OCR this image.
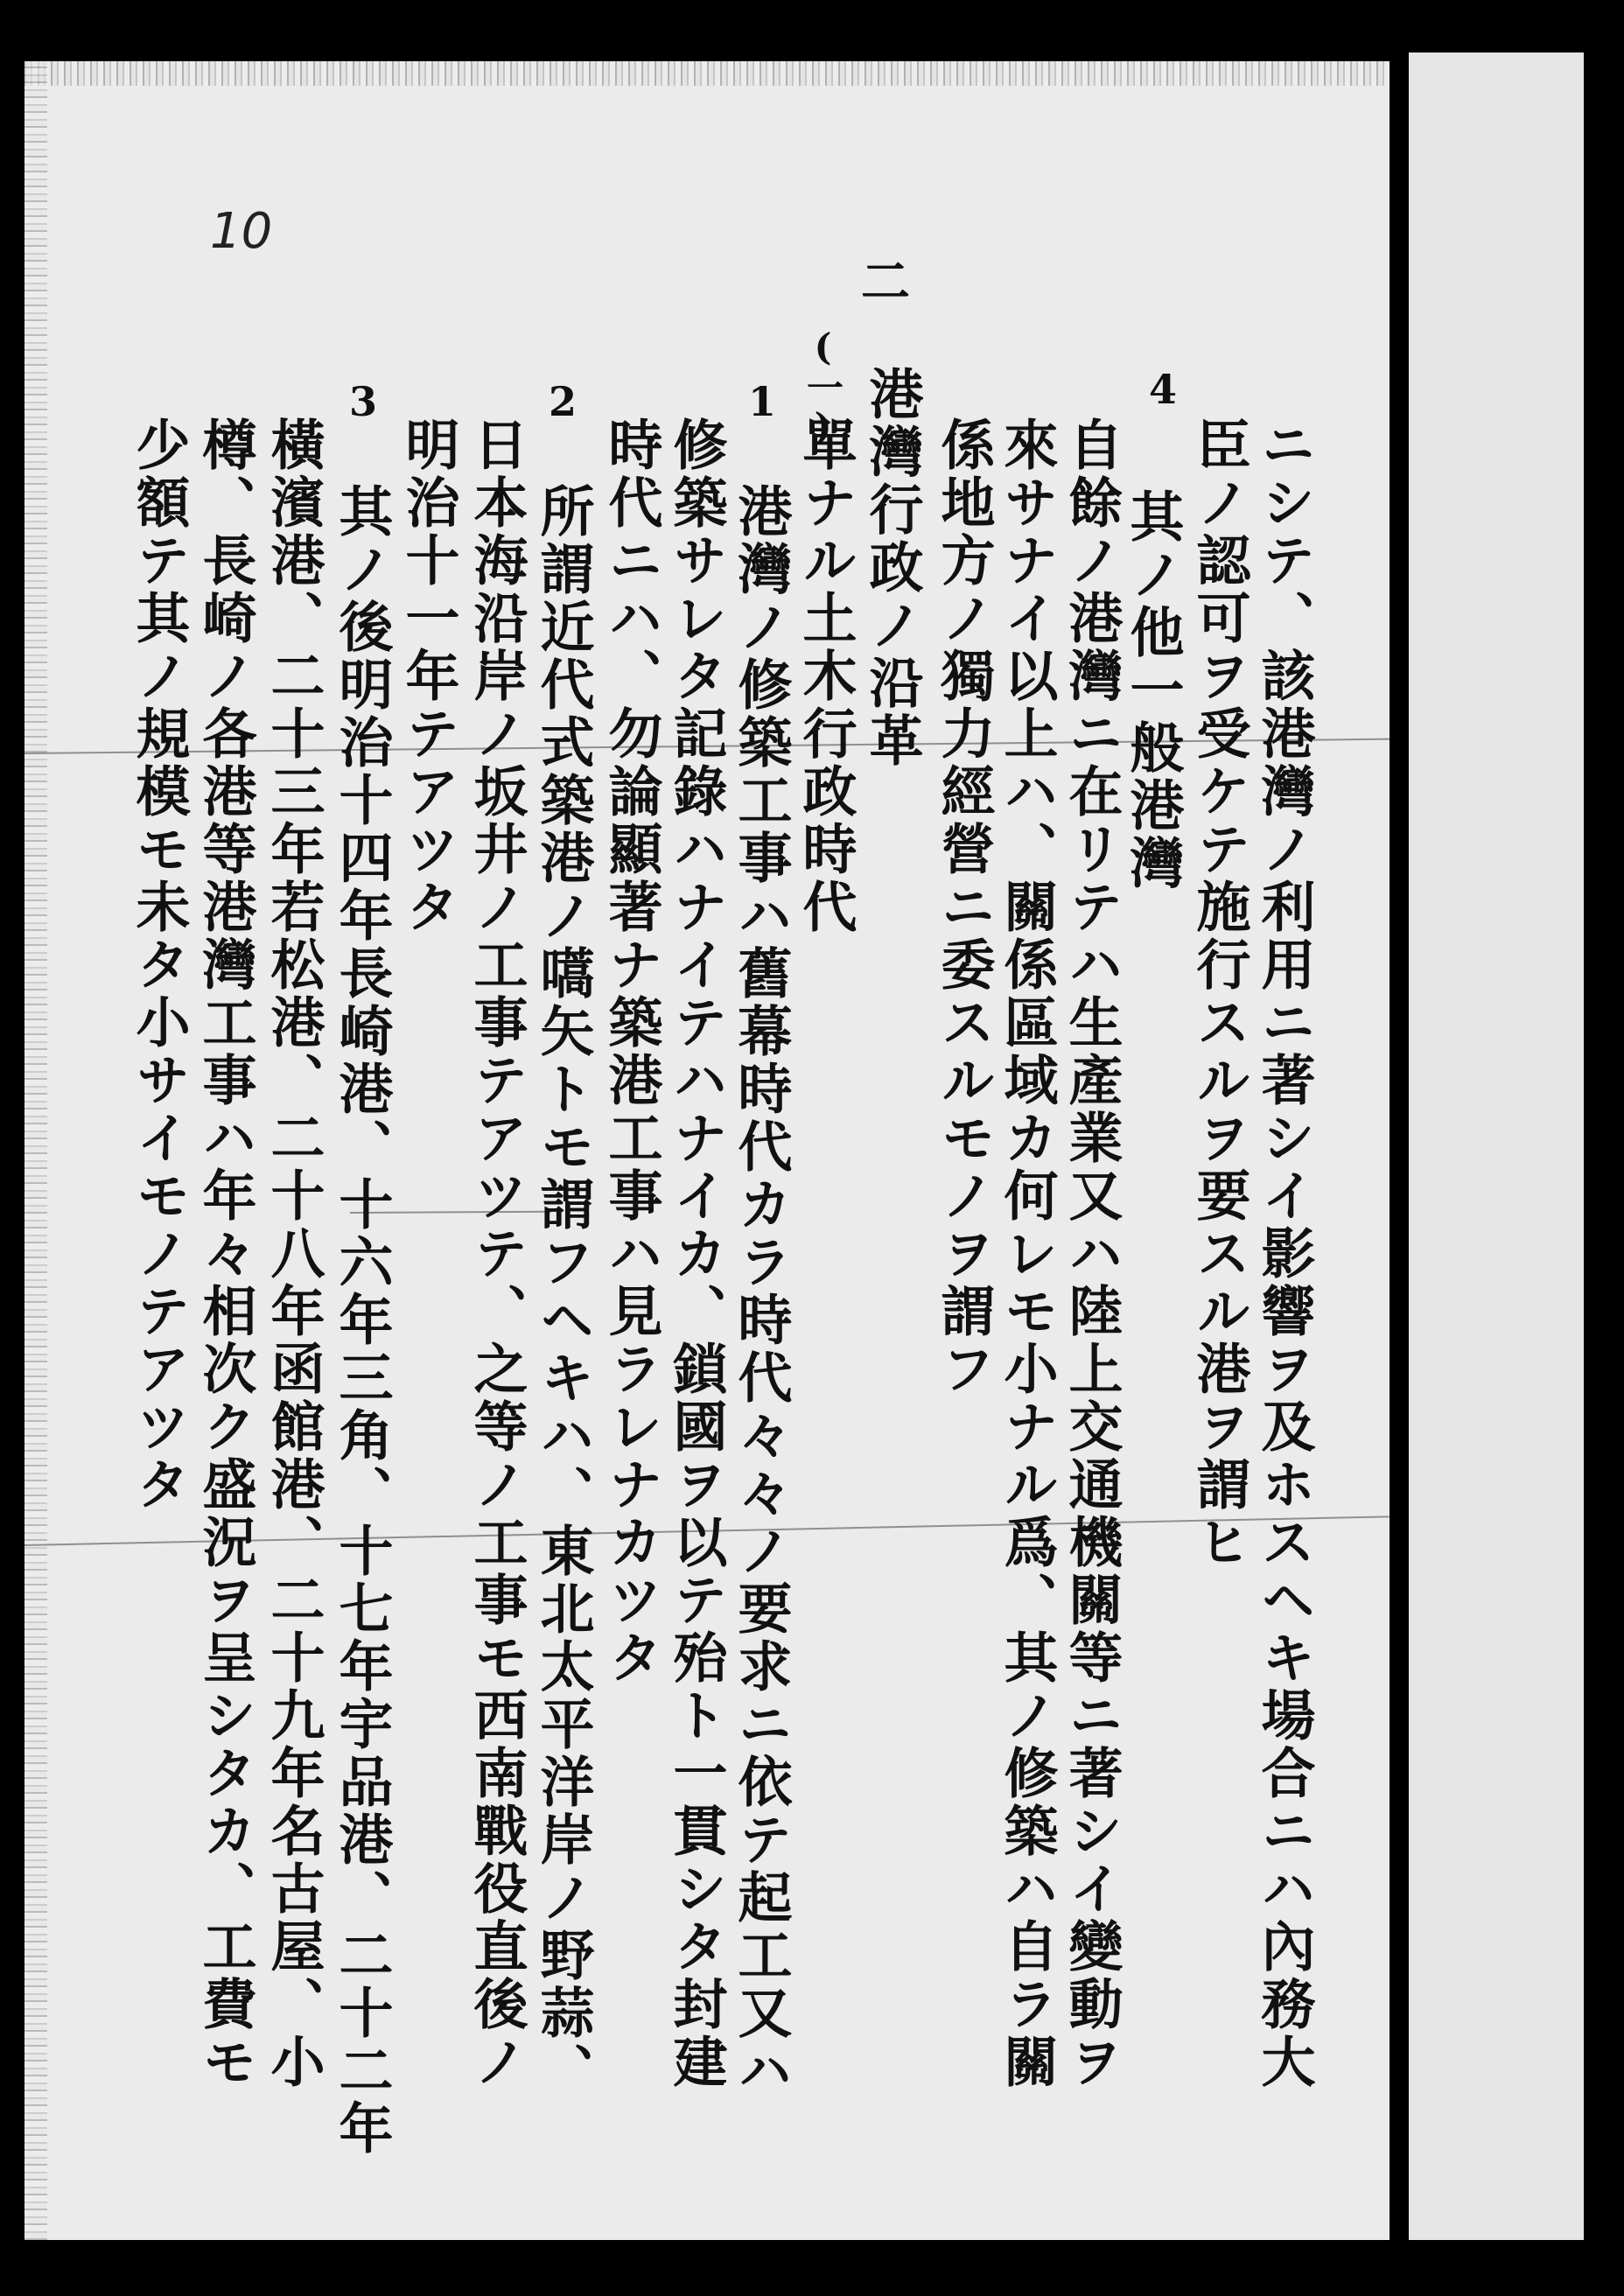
10
二
(一)	4
1
2
3
ニシテ、該港灣ノ利用ニ著シイ影響ヲ及ホスヘキ場合ニハ內務大
臣ノ認可ヲ受ケテ施行スルヲ要スル港ヲ謂ヒ
其ノ他一般港灣
自餘ノ港灣ニ在リテハ生產業又ハ陸上交通機關等ニ著シイ變動ヲ
來サナイ以上ハ、關係區域カ何レモ小ナル爲、其ノ修築ハ自ラ關
係地方ノ獨力經營ニ委スルモノヲ謂フ
港灣行政ノ沿革
單ナル土木行政時代
港灣ノ修築工事ハ舊幕時代カラ時代々々ノ要求ニ依テ起工又ハ
修築サレタ記錄ハナイテハナイカ、鎖國ヲ以テ殆ト一貫シタ封建
時代ニハ、勿論顯著ナ築港工事ハ見ラレナカツタ
所謂近代式築港ノ嚆矢トモ謂フヘキハ、東北太平洋岸ノ野蒜、
日本海沿岸ノ坂井ノ工事テアツテ、之等ノ工事モ西南戰役直後ノ
明治十一年テアツタ
其ノ後明治十四年長崎港、十六年三角、十七年宇品港、二十二年
橫濱港、二十三年若松港、二十八年函館港、二十九年名古屋、小
樽、長崎ノ各港等港灣工事ハ年々相次ク盛況ヲ呈シタカ、工費モ
少額テ其ノ規模モ未タ小サイモノテアツタ
